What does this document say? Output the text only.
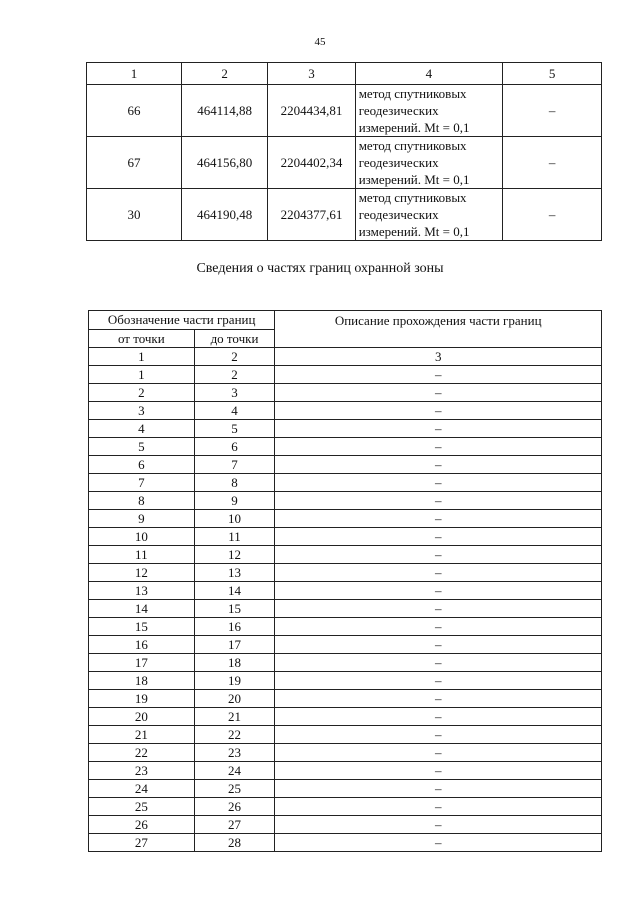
45
1	2	3	4	5
66	464114,88	2204434,81	метод спутниковых
геодезических
измерений. Mt = 0,1	–
67	464156,80	2204402,34	метод спутниковых
геодезических
измерений. Mt = 0,1	–
30	464190,48	2204377,61	метод спутниковых
геодезических
измерений. Mt = 0,1	–
Сведения о частях границ охранной зоны
Обозначение части границ		Описание прохождения части границ
от точки	до точки	
1	2	3
1	2	–
2	3	–
3	4	–
4	5	–
5	6	–
6	7	–
7	8	–
8	9	–
9	10	–
10	11	–
11	12	–
12	13	–
13	14	–
14	15	–
15	16	–
16	17	–
17	18	–
18	19	–
19	20	–
20	21	–
21	22	–
22	23	–
23	24	–
24	25	–
25	26	–
26	27	–
27	28	–
